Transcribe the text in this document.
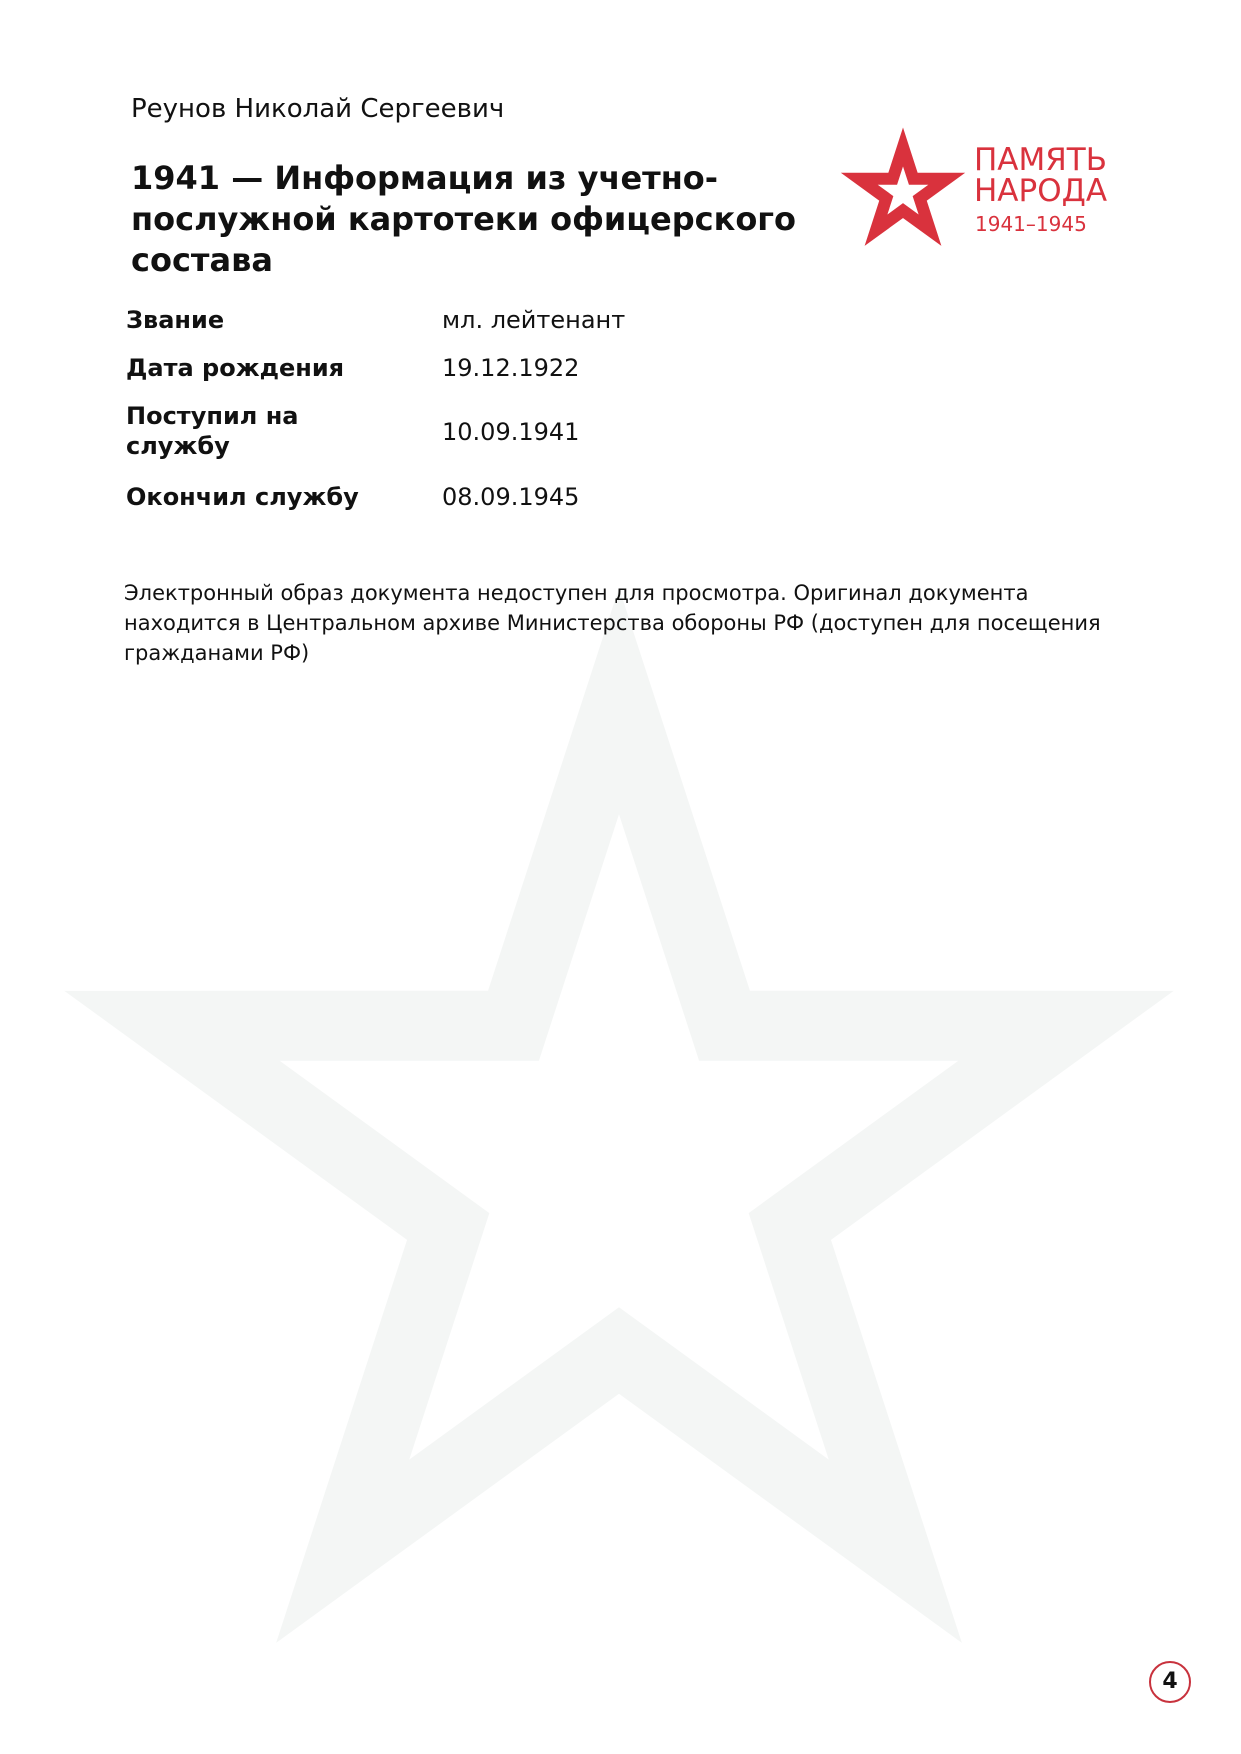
Реунов Николай Сергеевич
1941 — Информация из учетно-послужной картотеки офицерского состава
ПАМЯТЬ
НАРОДА
1941–1945
Звание	мл. лейтенант
Дата рождения	19.12.1922
Поступил на службу	10.09.1941
Окончил службу	08.09.1945
Электронный образ документа недоступен для просмотра. Оригинал документа находится в Центральном архиве Министерства обороны РФ (доступен для посещения гражданами РФ)
4
